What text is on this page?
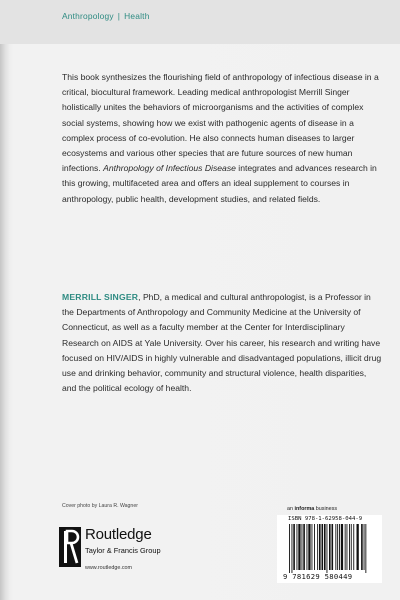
Anthropology | Health

This book synthesizes the flourishing field of anthropology of infectious disease in a critical, biocultural framework. Leading medical anthropologist Merrill Singer holistically unites the behaviors of microorganisms and the activities of complex social systems, showing how we exist with pathogenic agents of disease in a complex process of co-evolution. He also connects human diseases to larger ecosystems and various other species that are future sources of new human infections. Anthropology of Infectious Disease integrates and advances research in this growing, multifaceted area and offers an ideal supplement to courses in anthropology, public health, development studies, and related fields.

MERRILL SINGER, PhD, a medical and cultural anthropologist, is a Professor in the Departments of Anthropology and Community Medicine at the University of Connecticut, as well as a faculty member at the Center for Interdisciplinary Research on AIDS at Yale University. Over his career, his research and writing have focused on HIV/AIDS in highly vulnerable and disadvantaged populations, illicit drug use and drinking behavior, community and structural violence, health disparities, and the political ecology of health.
Cover photo by Laura R. Wagner
Routledge
Taylor & Francis Group
www.routledge.com
an informa business
ISBN 978-1-62958-044-9
9 781629 580449
